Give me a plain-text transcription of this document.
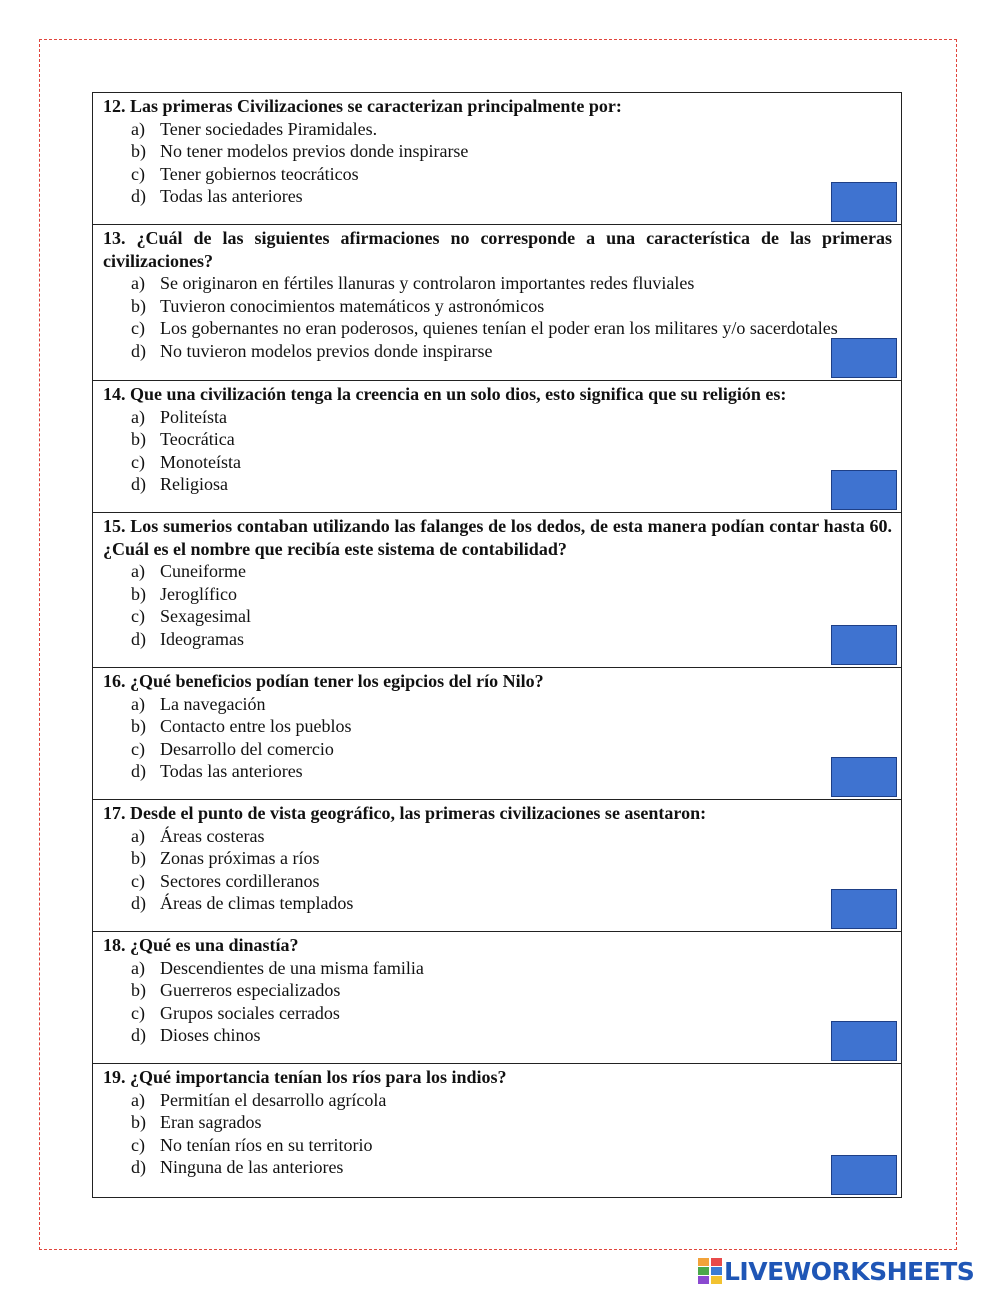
12. Las primeras Civilizaciones se caracterizan principalmente por:

a) Tener sociedades Piramidales.
b) No tener modelos previos donde inspirarse
c) Tener gobiernos teocráticos
d) Todas las anteriores

13. ¿Cuál de las siguientes afirmaciones no corresponde a una característica de las primeras civilizaciones?

a) Se originaron en fértiles llanuras y controlaron importantes redes fluviales
b) Tuvieron conocimientos matemáticos y astronómicos
c) Los gobernantes no eran poderosos, quienes tenían el poder eran los militares y/o sacerdotales
d) No tuvieron modelos previos donde inspirarse

14. Que una civilización tenga la creencia en un solo dios, esto significa que su religión es:

a) Politeísta
b) Teocrática
c) Monoteísta
d) Religiosa

15. Los sumerios contaban utilizando las falanges de los dedos, de esta manera podían contar hasta 60. ¿Cuál es el nombre que recibía este sistema de contabilidad?

a) Cuneiforme
b) Jeroglífico
c) Sexagesimal
d) Ideogramas

16. ¿Qué beneficios podían tener los egipcios del río Nilo?

a) La navegación
b) Contacto entre los pueblos
c) Desarrollo del comercio
d) Todas las anteriores

17. Desde el punto de vista geográfico, las primeras civilizaciones se asentaron:

a) Áreas costeras
b) Zonas próximas a ríos
c) Sectores cordilleranos
d) Áreas de climas templados

18. ¿Qué es una dinastía?

a) Descendientes de una misma familia
b) Guerreros especializados
c) Grupos sociales cerrados
d) Dioses chinos

19. ¿Qué importancia tenían los ríos para los indios?

a) Permitían el desarrollo agrícola
b) Eran sagrados
c) No tenían ríos en su territorio
d) Ninguna de las anteriores
LIVEWORKSHEETS
